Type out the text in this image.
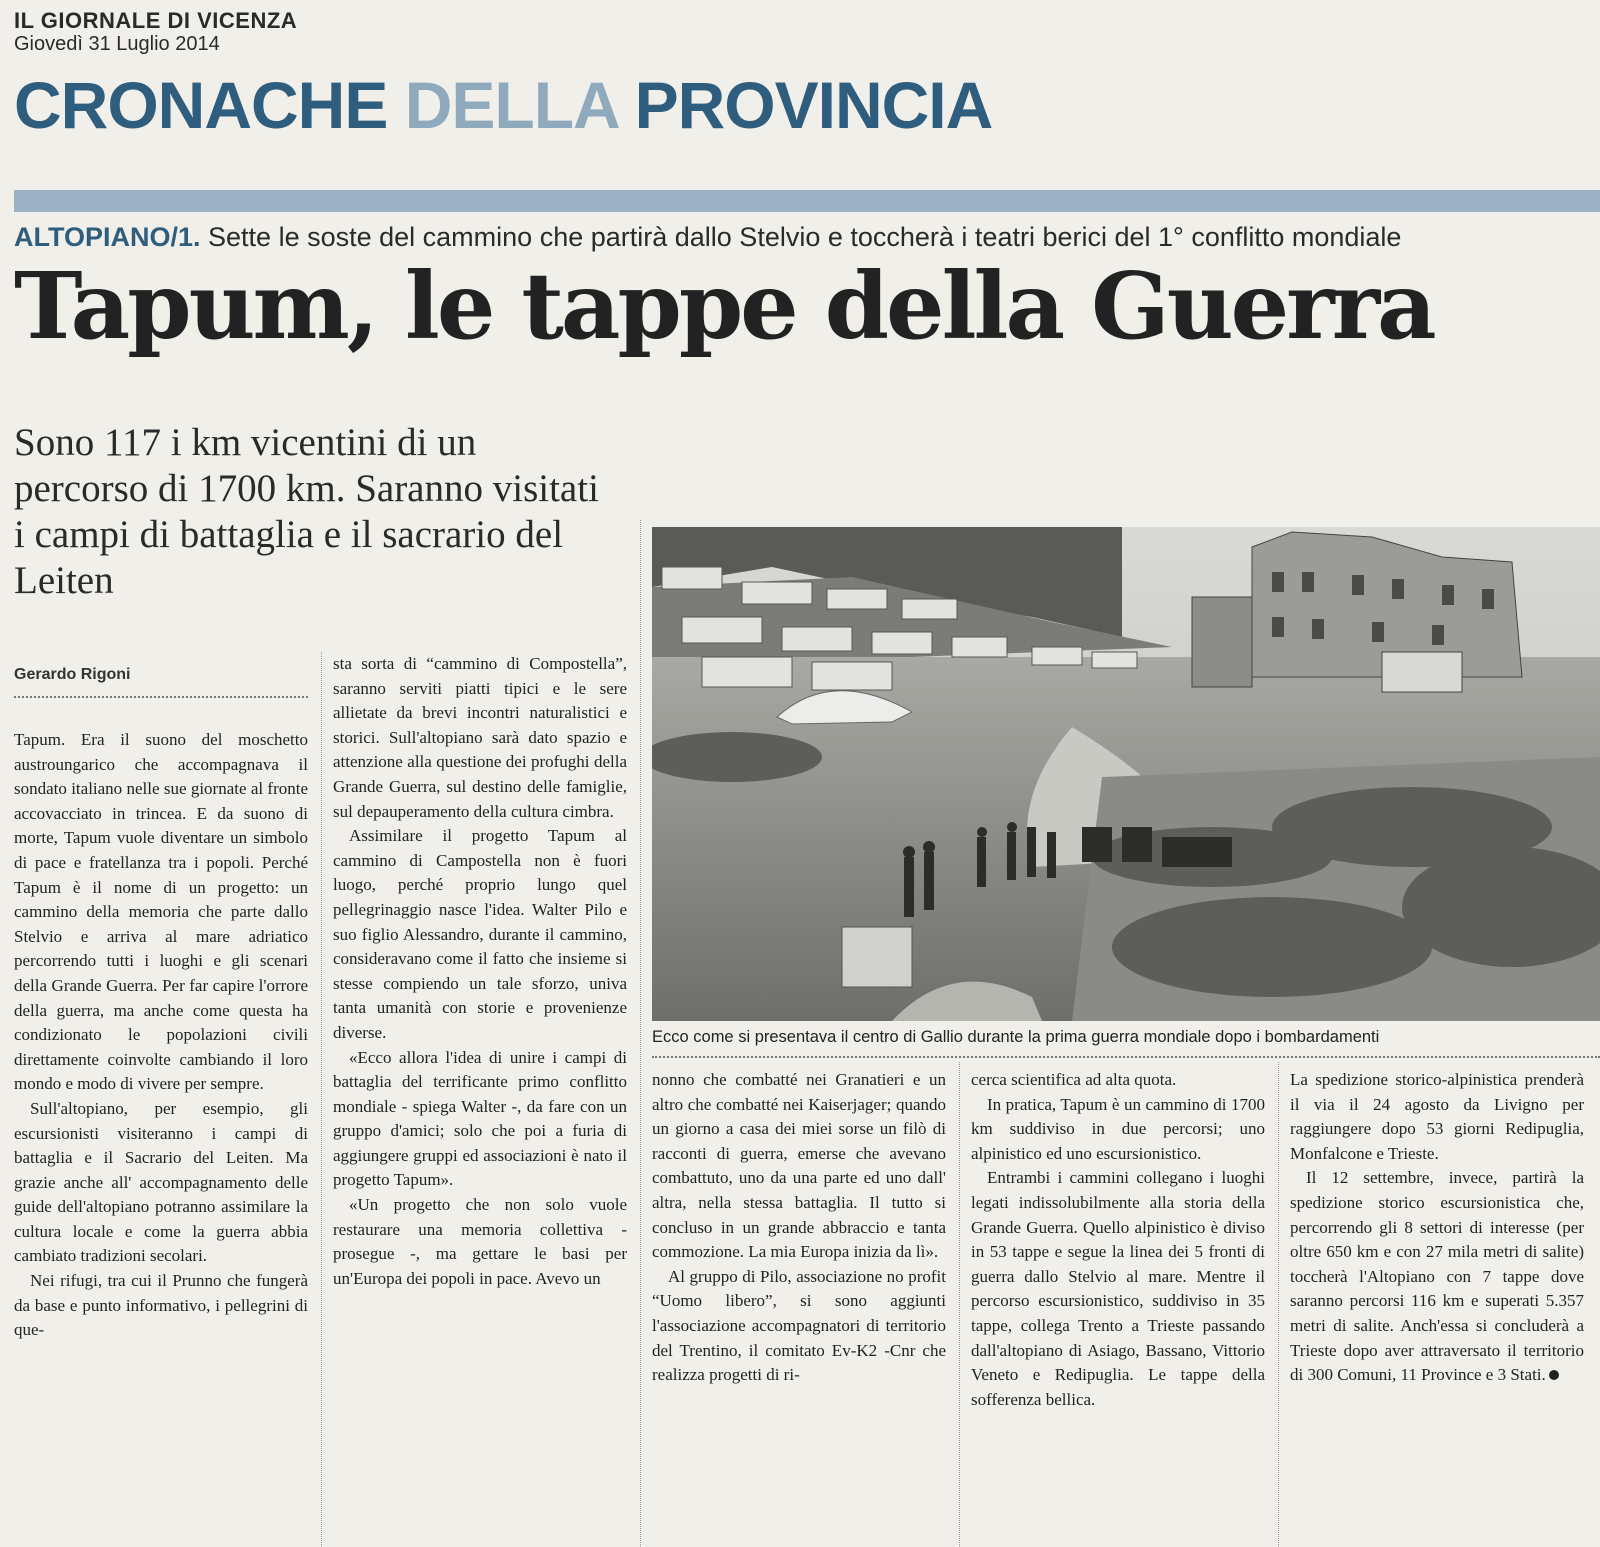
IL GIORNALE DI VICENZA
Giovedì 31 Luglio 2014
CRONACHE DELLA PROVINCIA
ALTOPIANO/1. Sette le soste del cammino che partirà dallo Stelvio e toccherà i teatri berici del 1° conflitto mondiale
Tapum, le tappe della Guerra
Sono 117 i km vicentini di un percorso di 1700 km. Saranno visitati i campi di battaglia e il sacrario del Leiten
Gerardo Rigoni
Ecco come si presentava il centro di Gallio durante la prima guerra mondiale dopo i bombardamenti

Tapum. Era il suono del moschetto austroungarico che accompagnava il sondato italiano nelle sue giornate al fronte accovacciato in trincea. E da suono di morte, Tapum vuole diventare un simbolo di pace e fratellanza tra i popoli. Perché Tapum è il nome di un progetto: un cammino della memoria che parte dallo Stelvio e arriva al mare adriatico percorrendo tutti i luoghi e gli scenari della Grande Guerra. Per far capire l'orrore della guerra, ma anche come questa ha condizionato le popolazioni civili direttamente coinvolte cambiando il loro mondo e modo di vivere per sempre.

Sull'altopiano, per esempio, gli escursionisti visiteranno i campi di battaglia e il Sacrario del Leiten. Ma grazie anche all' accompagnamento delle guide dell'altopiano potranno assimilare la cultura locale e come la guerra abbia cambiato tradizioni secolari.

Nei rifugi, tra cui il Prunno che fungerà da base e punto informativo, i pellegrini di que-

sta sorta di “cammino di Compostella”, saranno serviti piatti tipici e le sere allietate da brevi incontri naturalistici e storici. Sull'altopiano sarà dato spazio e attenzione alla questione dei profughi della Grande Guerra, sul destino delle famiglie, sul depauperamento della cultura cimbra.

Assimilare il progetto Tapum al cammino di Campostella non è fuori luogo, perché proprio lungo quel pellegrinaggio nasce l'idea. Walter Pilo e suo figlio Alessandro, durante il cammino, consideravano come il fatto che insieme si stesse compiendo un tale sforzo, univa tanta umanità con storie e provenienze diverse.

«Ecco allora l'idea di unire i campi di battaglia del terrificante primo conflitto mondiale - spiega Walter -, da fare con un gruppo d'amici; solo che poi a furia di aggiungere gruppi ed associazioni è nato il progetto Tapum».

«Un progetto che non solo vuole restaurare una memoria collettiva - prosegue -, ma gettare le basi per un'Europa dei popoli in pace. Avevo un

nonno che combatté nei Granatieri e un altro che combatté nei Kaiserjager; quando un giorno a casa dei miei sorse un filò di racconti di guerra, emerse che avevano combattuto, uno da una parte ed uno dall' altra, nella stessa battaglia. Il tutto si concluso in un grande abbraccio e tanta commozione. La mia Europa inizia da lì».

Al gruppo di Pilo, associazione no profit “Uomo libero”, si sono aggiunti l'associazione accompagnatori di territorio del Trentino, il comitato Ev-K2 -Cnr che realizza progetti di ri-

cerca scientifica ad alta quota.

In pratica, Tapum è un cammino di 1700 km suddiviso in due percorsi; uno alpinistico ed uno escursionistico.

Entrambi i cammini collegano i luoghi legati indissolubilmente alla storia della Grande Guerra. Quello alpinistico è diviso in 53 tappe e segue la linea dei 5 fronti di guerra dallo Stelvio al mare. Mentre il percorso escursionistico, suddiviso in 35 tappe, collega Trento a Trieste passando dall'altopiano di Asiago, Bassano, Vittorio Veneto e Redipuglia. Le tappe della sofferenza bellica.

La spedizione storico-alpinistica prenderà il via il 24 agosto da Livigno per raggiungere dopo 53 giorni Redipuglia, Monfalcone e Trieste.

Il 12 settembre, invece, partirà la spedizione storico escursionistica che, percorrendo gli 8 settori di interesse (per oltre 650 km e con 27 mila metri di salite) toccherà l'Altopiano con 7 tappe dove saranno percorsi 116 km e superati 5.357 metri di salite. Anch'essa si concluderà a Trieste dopo aver attraversato il territorio di 300 Comuni, 11 Province e 3 Stati.
